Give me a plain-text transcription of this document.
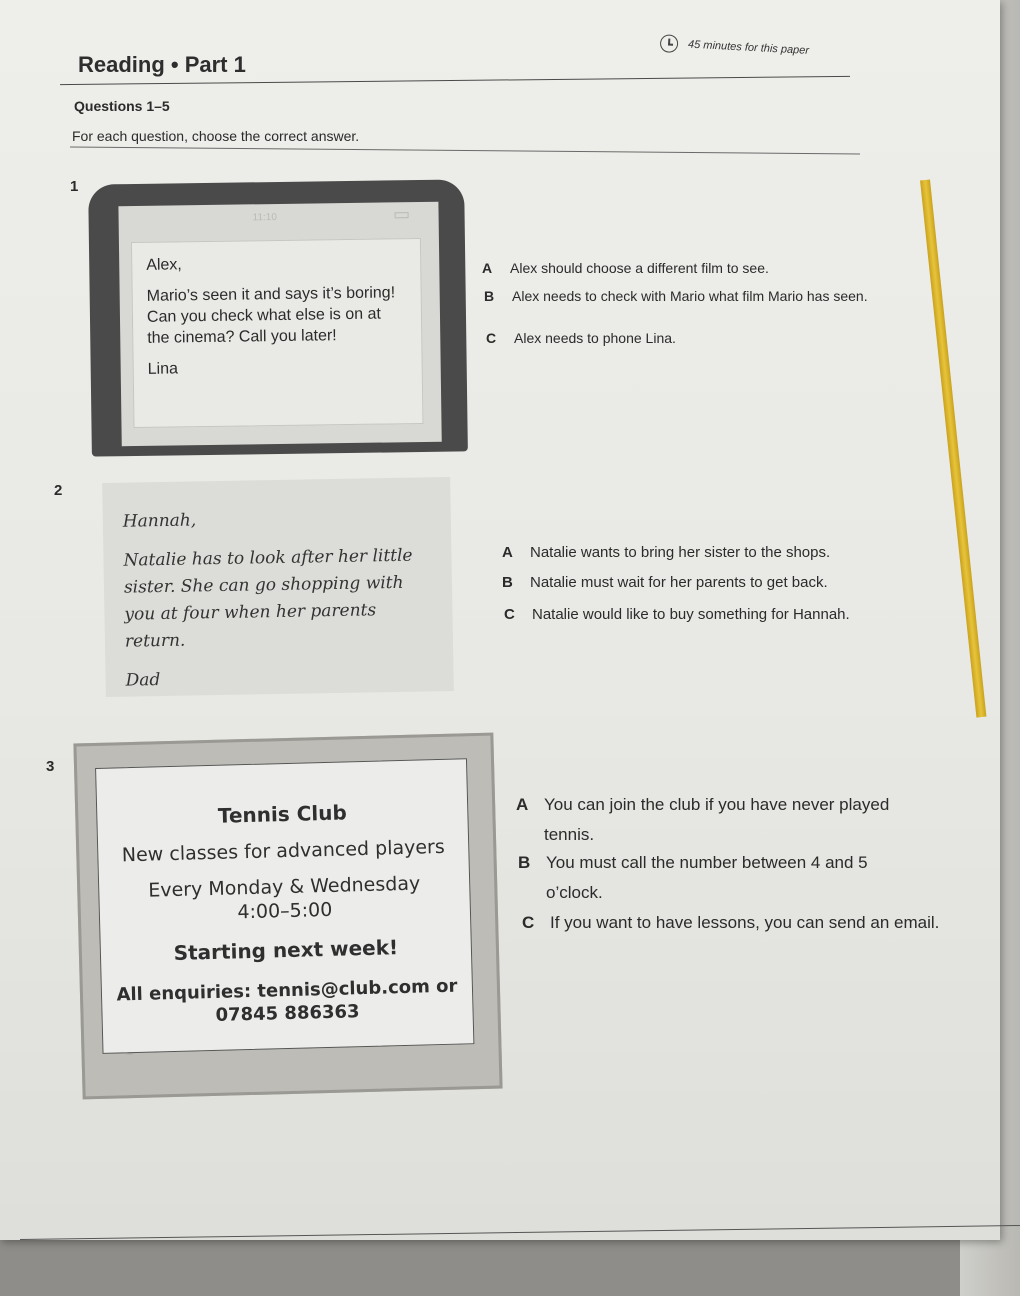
Reading • Part 1
45 minutes for this paper
Questions 1–5
For each question, choose the correct answer.
1
11:10

Alex,

Mario’s seen it and says it’s boring! Can you check what else is on at the cinema? Call you later!

Lina

A	Alex should choose a different film to see.
B	Alex needs to check with Mario what film Mario has seen.
C	Alex needs to phone Lina.
2

Hannah,

Natalie has to look after her little sister. She can go shopping with you at four when her parents return.

Dad

A	Natalie wants to bring her sister to the shops.
B	Natalie must wait for her parents to get back.
C	Natalie would like to buy something for Hannah.
3
Tennis Club
New classes for advanced players
Every Monday & Wednesday
4:00–5:00
Starting next week!
All enquiries: tennis@club.com or
07845 886363
A You can join the club if you have never played tennis.
B You must call the number between 4 and 5 o’clock.
C If you want to have lessons, you can send an email.
